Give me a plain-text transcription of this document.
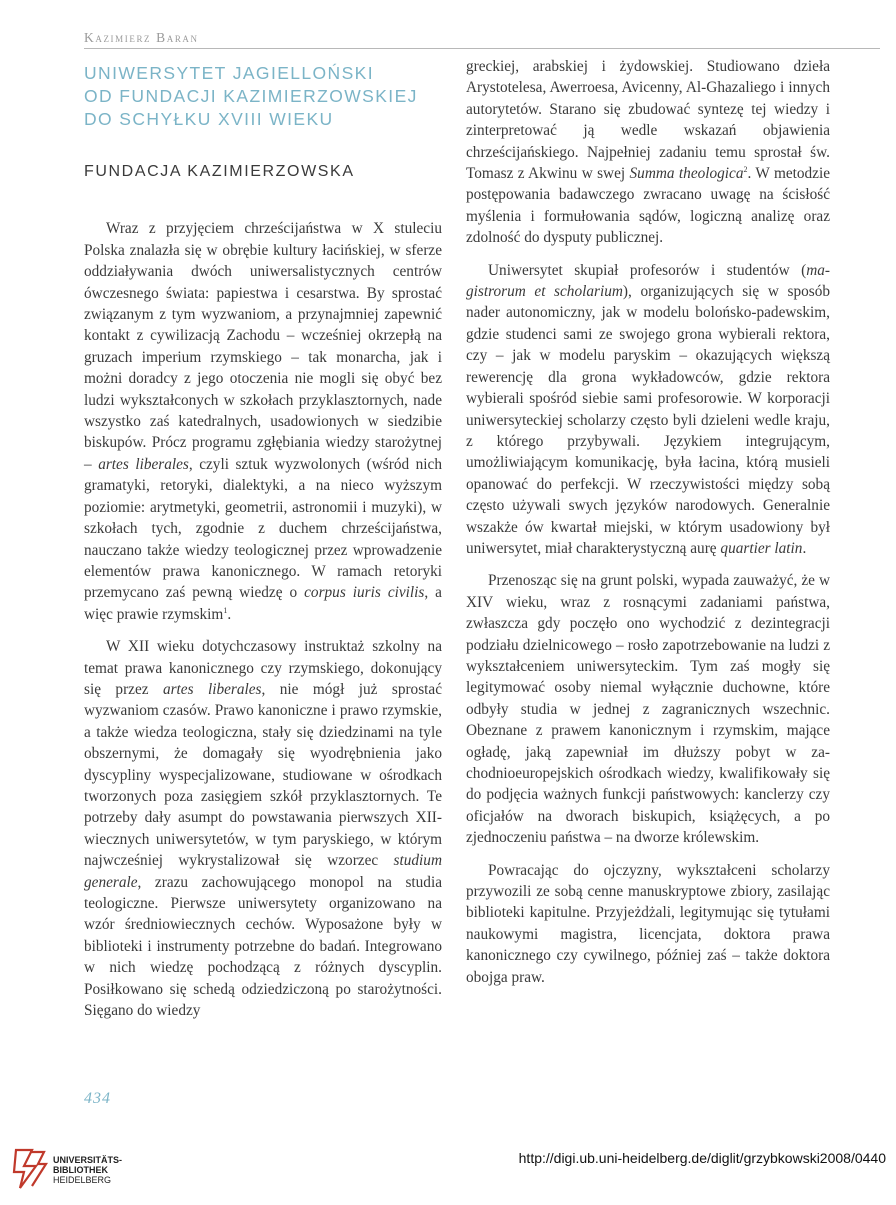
Kazimierz Baran
UNIWERSYTET JAGIELLOŃSKI
OD FUNDACJI KAZIMIERZOWSKIEJ
DO SCHYŁKU XVIII WIEKU
FUNDACJA KAZIMIERZOWSKA

Wraz z przyjęciem chrześcijaństwa w X stuleciu Polska znalazła się w obrębie kultury łacińskiej, w sferze oddziaływania dwóch uniwersalistycznych centrów ówczesnego świata: papiestwa i cesarstwa. By sprostać związanym z tym wyzwaniom, a przynajmniej zapewnić kontakt z cywilizacją Zachodu – wcześniej okrzepłą na gruzach imperium rzymskiego – tak monarcha, jak i możni doradcy z jego otoczenia nie mogli się obyć bez ludzi wykształconych w szkołach przyklasztornych, nade wszystko zaś katedralnych, usadowionych w siedzibie biskupów. Prócz programu zgłębiania wiedzy starożytnej – artes liberales, czyli sztuk wyzwolonych (wśród nich gramatyki, retoryki, dialektyki, a na nieco wyższym poziomie: arytmetyki, geometrii, astronomii i muzyki), w szkołach tych, zgodnie z duchem chrześcijaństwa, nauczano także wiedzy teologicznej przez wprowadzenie elementów prawa kanonicznego. W ramach retoryki przemycano zaś pewną wiedzę o corpus iuris civilis, a więc prawie rzymskim$^1$.

W XII wieku dotychczasowy instruktaż szkolny na temat prawa kanonicznego czy rzymskiego, dokonujący się przez artes liberales, nie mógł już sprostać wyzwaniom czasów. Prawo kanoniczne i prawo rzymskie, a także wiedza teologiczna, stały się dziedzinami na tyle obszernymi, że domagały się wyodrębnienia jako dyscypliny wyspecjalizowane, studiowane w ośrodkach tworzonych poza zasięgiem szkół przyklasztornych. Te potrzeby dały asumpt do powstawania pierwszych XII-wiecznych uniwersytetów, w tym paryskiego, w którym najwcześniej wykrystalizował się wzorzec studium generale, zrazu zachowującego monopol na studia teologiczne. Pierwsze uniwersytety organizowano na wzór średniowiecznych cechów. Wyposażone były w biblioteki i instrumenty potrzebne do badań. Integrowano w nich wiedzę pochodzącą z różnych dyscyplin. Posiłkowano się schedą odziedziczoną po starożytności. Sięgano do wiedzy

greckiej, arabskiej i żydowskiej. Studiowano dzieła Arystotelesa, Awerroesa, Avicenny, Al-Ghazaliego i innych autorytetów. Starano się zbudować syntezę tej wiedzy i zinterpretować ją wedle wskazań objawienia chrześcijańskiego. Najpełniej zadaniu temu sprostał św. Tomasz z Akwinu w swej Summa theologica$^2$. W metodzie postępowania badawczego zwracano uwagę na ścisłość myślenia i formułowania sądów, logiczną analizę oraz zdolność do dysputy publicznej.

Uniwersytet skupiał profesorów i studentów (magistrorum et scholarium), organizujących się w sposób nader autonomiczny, jak w modelu bolońsko-padewskim, gdzie studenci sami ze swojego grona wybierali rektora, czy – jak w modelu paryskim – okazujących większą rewerencję dla grona wykładowców, gdzie rektora wybierali spośród siebie sami profesorowie. W korporacji uniwersyteckiej scholarzy często byli dzieleni wedle kraju, z którego przybywali. Językiem integrującym, umożliwiającym komunikację, była łacina, którą musieli opanować do perfekcji. W rzeczywistości między sobą często używali swych języków narodowych. Generalnie wszakże ów kwartał miejski, w którym usadowiony był uniwersytet, miał charakterystyczną aurę quartier latin.

Przenosząc się na grunt polski, wypada zauważyć, że w XIV wieku, wraz z rosnącymi zadaniami państwa, zwłaszcza gdy poczęło ono wychodzić z dezintegracji podziału dzielnicowego – rosło zapotrzebowanie na ludzi z wykształceniem uniwersyteckim. Tym zaś mogły się legitymować osoby niemal wyłącznie duchowne, które odbyły studia w jednej z zagranicznych wszechnic. Obeznane z prawem kanonicznym i rzymskim, mające ogładę, jaką zapewniał im dłuższy pobyt w zachodnioeuropejskich ośrodkach wiedzy, kwalifikowały się do podjęcia ważnych funkcji państwowych: kanclerzy czy oficjałów na dworach biskupich, książęcych, a po zjednoczeniu państwa – na dworze królewskim.

Powracając do ojczyzny, wykształceni scholarzy przywozili ze sobą cenne manuskryptowe zbiory, zasilając biblioteki kapitulne. Przyjeżdżali, legitymując się tytułami naukowymi magistra, licencjata, doktora prawa kanonicznego czy cywilnego, później zaś – także doktora obojga praw.

434
UNIVERSITÄTS-
BIBLIOTHEK
HEIDELBERG
http://digi.ub.uni-heidelberg.de/diglit/grzybkowski2008/0440
